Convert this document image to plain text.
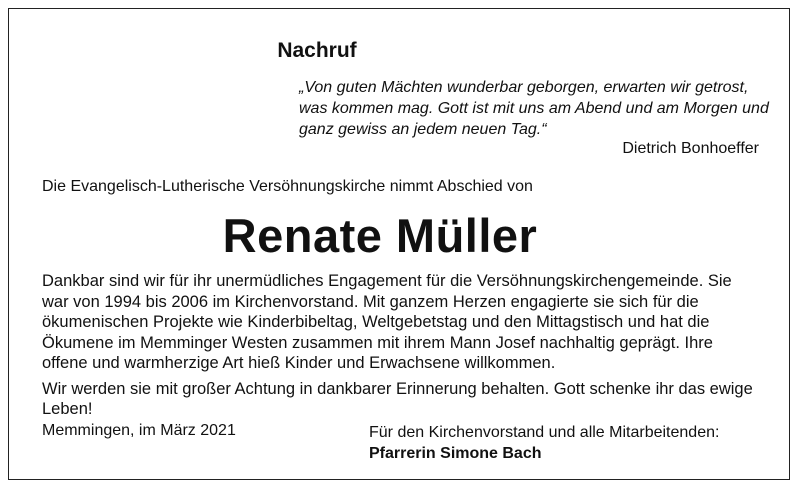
Nachruf
„Von guten Mächten wunderbar geborgen, erwarten wir getrost, was kommen mag. Gott ist mit uns am Abend und am Morgen und ganz gewiss an jedem neuen Tag.“
Dietrich Bonhoeffer
Die Evangelisch-Lutherische Versöhnungskirche nimmt Abschied von
Renate Müller

Dankbar sind wir für ihr unermüdliches Engagement für die Versöhnungskirchengemeinde. Sie war von 1994 bis 2006 im Kirchenvorstand. Mit ganzem Herzen engagierte sie sich für die ökumenischen Projekte wie Kinderbibeltag, Weltgebetstag und den Mittagstisch und hat die Ökumene im Memminger Westen zusammen mit ihrem Mann Josef nachhaltig geprägt. Ihre offene und warmherzige Art hieß Kinder und Erwachsene willkommen.

Wir werden sie mit großer Achtung in dankbarer Erinnerung behalten. Gott schenke ihr das ewige Leben!

Memmingen, im März 2021	Für den Kirchenvorstand und alle Mitarbeitenden:
Pfarrerin Simone Bach
